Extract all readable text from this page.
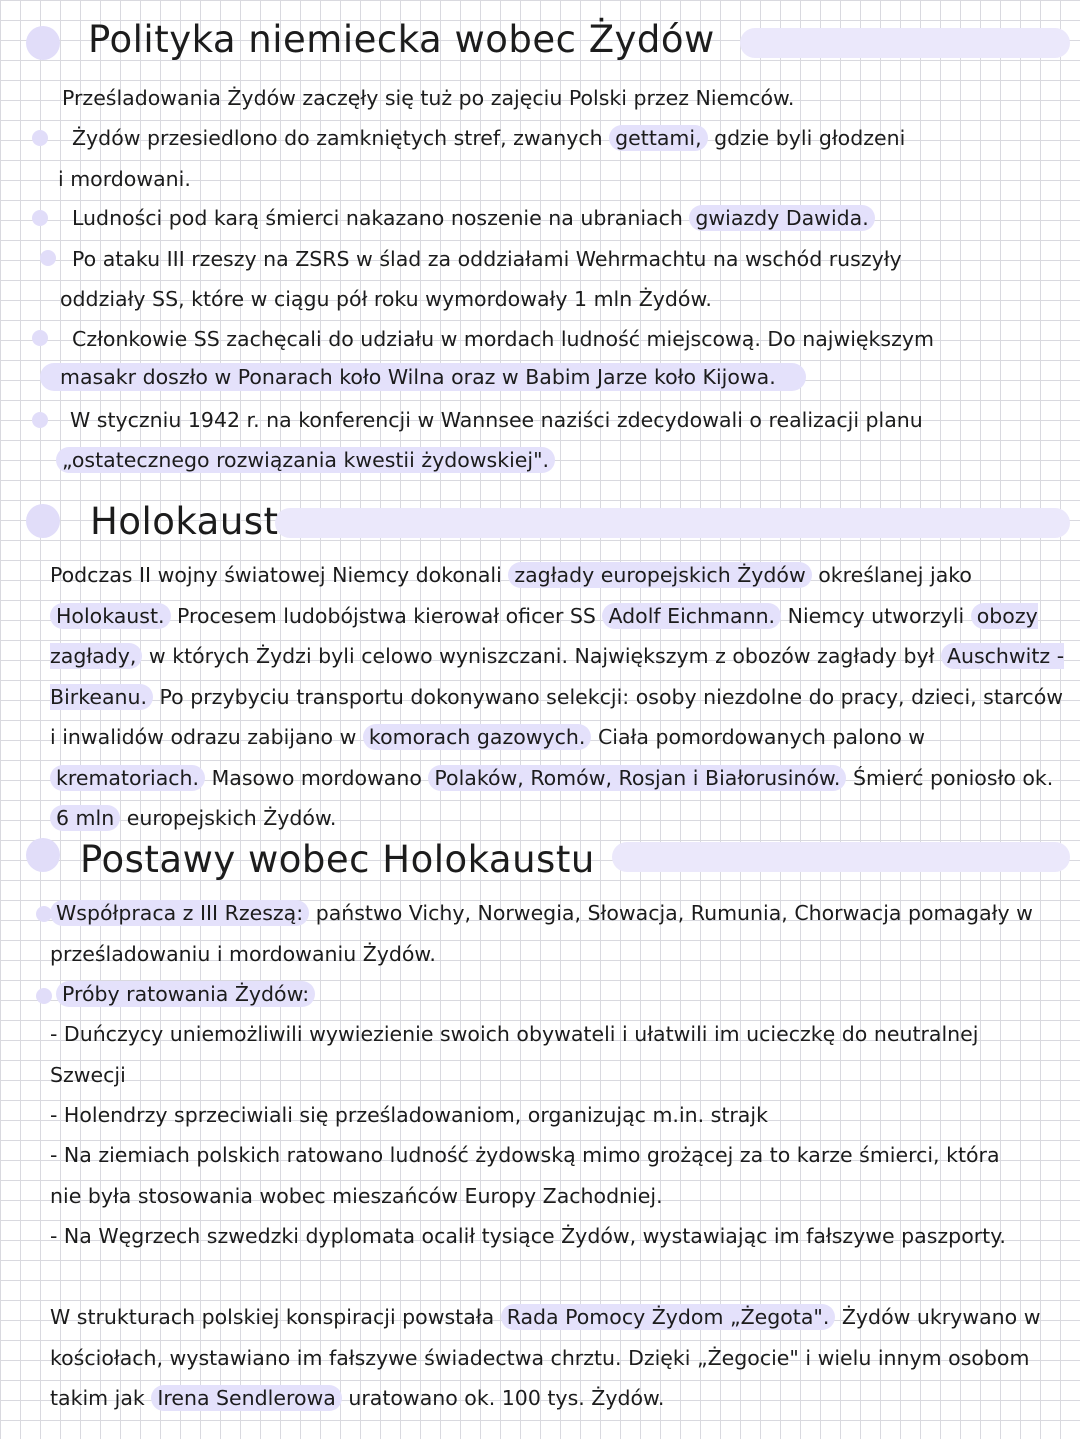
Polityka niemiecka wobec Żydów

Prześladowania Żydów zaczęły się tuż po zajęciu Polski przez Niemców.

Żydów przesiedlono do zamkniętych stref, zwanych gettami, gdzie byli głodzeni

i mordowani.

Ludności pod karą śmierci nakazano noszenie na ubraniach gwiazdy Dawida.

Po ataku III rzeszy na ZSRS w ślad za oddziałami Wehrmachtu na wschód ruszyły

oddziały SS, które w ciągu pół roku wymordowały 1 mln Żydów.

Członkowie SS zachęcali do udziału w mordach ludność miejscową. Do największym

masakr doszło w Ponarach koło Wilna oraz w Babim Jarze koło Kijowa.

W styczniu 1942 r. na konferencji w Wannsee naziści zdecydowali o realizacji planu

„ostatecznego rozwiązania kwestii żydowskiej".

Holokaust

Podczas II wojny światowej Niemcy dokonali zagłady europejskich Żydów określanej jako Holokaust. Procesem ludobójstwa kierował oficer SS Adolf Eichmann. Niemcy utworzyli obozy zagłady, w których Żydzi byli celowo wyniszczani. Największym z obozów zagłady był Auschwitz - Birkeanu. Po przybyciu transportu dokonywano selekcji: osoby niezdolne do pracy, dzieci, starców i inwalidów odrazu zabijano w komorach gazowych. Ciała pomordowanych palono w krematoriach. Masowo mordowano Polaków, Romów, Rosjan i Białorusinów. Śmierć poniosło ok. 6 mln europejskich Żydów.

Postawy wobec Holokaustu

Współpraca z III Rzeszą: państwo Vichy, Norwegia, Słowacja, Rumunia, Chorwacja pomagały w prześladowaniu i mordowaniu Żydów.

Próby ratowania Żydów:

- Duńczycy uniemożliwili wywiezienie swoich obywateli i ułatwili im ucieczkę do neutralnej Szwecji

- Holendrzy sprzeciwiali się prześladowaniom, organizując m.in. strajk

- Na ziemiach polskich ratowano ludność żydowską mimo grożącej za to karze śmierci, która nie była stosowania wobec mieszańców Europy Zachodniej.

- Na Węgrzech szwedzki dyplomata ocalił tysiące Żydów, wystawiając im fałszywe paszporty.

W strukturach polskiej konspiracji powstała Rada Pomocy Żydom „Żegota". Żydów ukrywano w kościołach, wystawiano im fałszywe świadectwa chrztu. Dzięki „Żegocie" i wielu innym osobom takim jak Irena Sendlerowa uratowano ok. 100 tys. Żydów.
